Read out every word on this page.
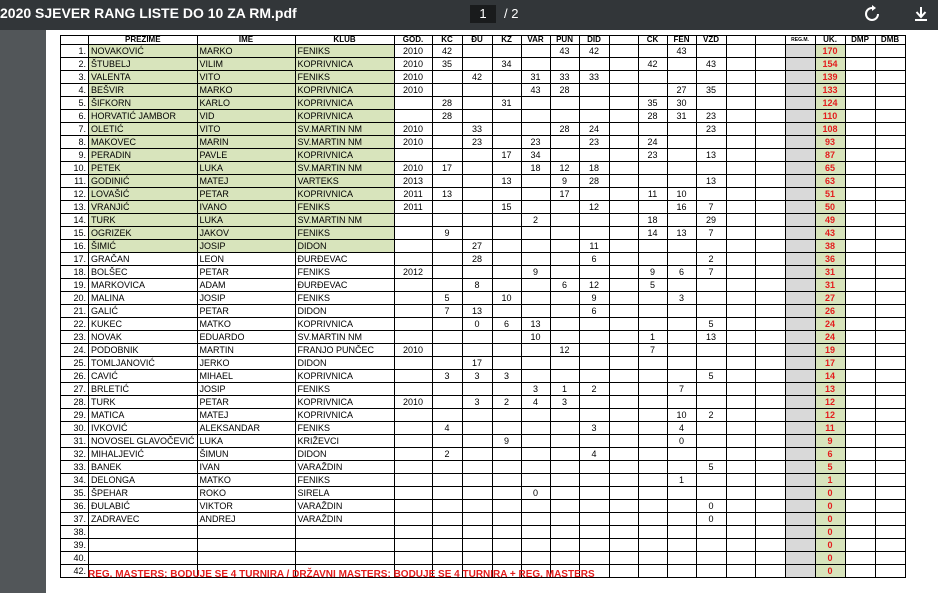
2020 SJEVER RANG LISTE DO 10 ZA RM.pdf	1	/ 2
	PREZIME	IME	KLUB	GOD.	KC	ĐU	KZ	VAR	PUN	DID		CK	FEN	VZD			REG.M.	UK.	DMP	DMB
1.	NOVAKOVIĆ	MARKO	FENIKS	2010	42				43	42			43					170		
2.	ŠTUBELJ	VILIM	KOPRIVNICA	2010	35		34					42		43				154		
3.	VALENTA	VITO	FENIKS	2010		42		31	33	33								139		
4.	BEŠVIR	MARKO	KOPRIVNICA	2010				43	28				27	35				133		
5.	ŠIFKORN	KARLO	KOPRIVNICA		28		31					35	30					124		
6.	HORVATIĆ JAMBOR	VID	KOPRIVNICA		28							28	31	23				110		
7.	OLETIĆ	VITO	SV.MARTIN NM	2010		33			28	24				23				108		
8.	MAKOVEC	MARIN	SV.MARTIN NM	2010		23		23		23		24						93		
9.	PERADIN	PAVLE	KOPRIVNICA				17	34				23		13				87		
10.	PETEK	LUKA	SV.MARTIN NM	2010	17			18	12	18								65		
11.	GODINIĆ	MATEJ	VARTEKS	2013			13		9	28				13				63		
12.	LOVAŠIĆ	PETAR	KOPRIVNICA	2011	13				17			11	10					51		
13.	VRANJIĆ	IVANO	FENIKS	2011			15			12			16	7				50		
14.	TURK	LUKA	SV.MARTIN NM					2				18		29				49		
15.	OGRIZEK	JAKOV	FENIKS		9							14	13	7				43		
16.	ŠIMIĆ	JOSIP	DIDON			27				11								38		
17.	GRAČAN	LEON	ĐURĐEVAC			28				6				2				36		
18.	BOLŠEC	PETAR	FENIKS	2012				9				9	6	7				31		
19.	MARKOVICA	ADAM	ĐURĐEVAC			8			6	12		5						31		
20.	MALINA	JOSIP	FENIKS		5		10			9			3					27		
21.	GALIĆ	PETAR	DIDON		7	13				6								26		
22.	KUKEC	MATKO	KOPRIVNICA			0	6	13						5				24		
23.	NOVAK	EDUARDO	SV.MARTIN NM					10				1		13				24		
24.	PODOBNIK	MARTIN	FRANJO PUNČEC	2010					12			7						19		
25.	TOMLJANOVIĆ	JERKO	DIDON			17												17		
26.	CAVIĆ	MIHAEL	KOPRIVNICA		3	3	3							5				14		
27.	BRLETIĆ	JOSIP	FENIKS					3	1	2			7					13		
28.	TURK	PETAR	KOPRIVNICA	2010		3	2	4	3									12		
29.	MATICA	MATEJ	KOPRIVNICA										10	2				12		
30.	IVKOVIĆ	ALEKSANDAR	FENIKS		4					3			4					11		
31.	NOVOSEL GLAVOČEVIĆ	LUKA	KRIŽEVCI				9						0					9		
32.	MIHALJEVIĆ	ŠIMUN	DIDON		2					4								6		
33.	BANEK	IVAN	VARAŽDIN											5				5		
34.	DELONGA	MATKO	FENIKS										1					1		
35.	ŠPEHAR	ROKO	SIRELA					0										0		
36.	ĐULABIĆ	VIKTOR	VARAŽDIN											0				0		
37.	ZADRAVEC	ANDREJ	VARAŽDIN											0				0		
38.																		0		
39.																		0		
40.																		0		
42.																		0		
REG. MASTERS: BODUJE SE 4 TURNIRA / DRŽAVNI MASTERS: BODUJE SE 4 TURNIRA + REG. MASTERS
